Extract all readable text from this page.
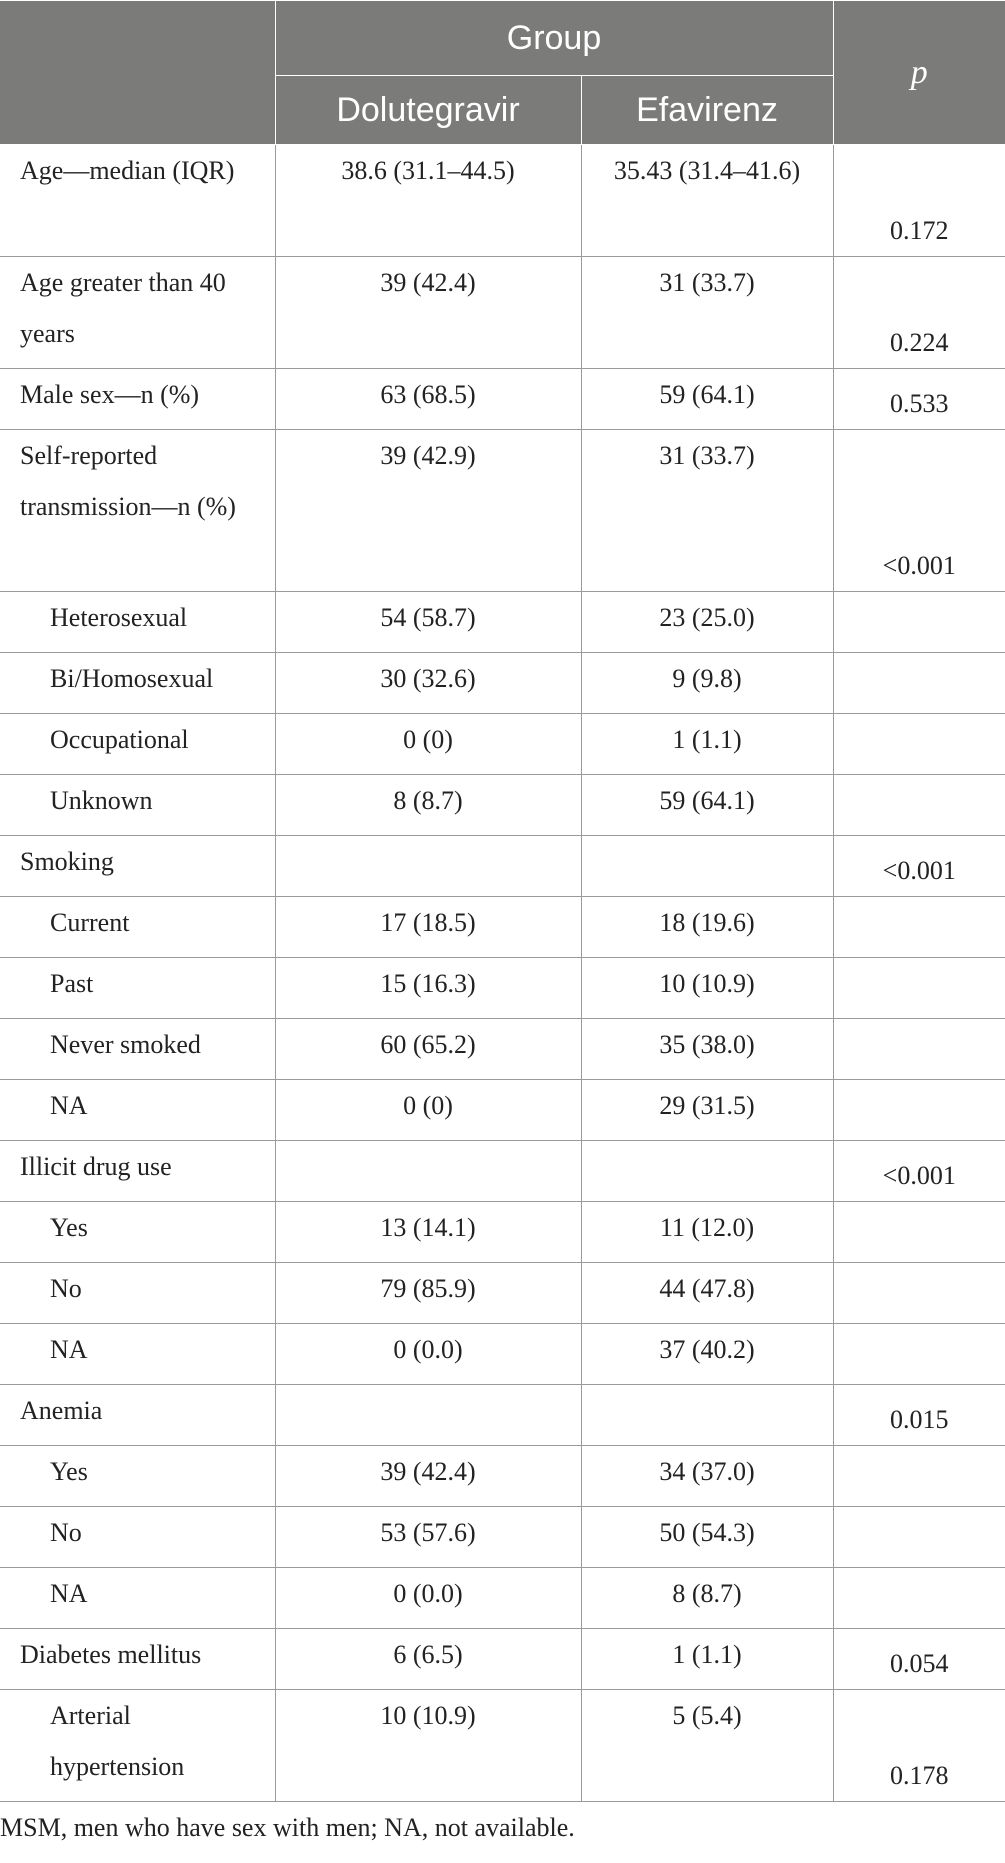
	Group		p
	Dolutegravir	Efavirenz	
Age—median (IQR)	38.6 (31.1–44.5)	35.43 (31.4–41.6)	0.172
Age greater than 40 years	39 (42.4)	31 (33.7)	0.224
Male sex—n (%)	63 (68.5)	59 (64.1)	0.533
Self-reported transmission—n (%)	39 (42.9)	31 (33.7)	<0.001
Heterosexual	54 (58.7)	23 (25.0)	
Bi/Homosexual	30 (32.6)	9 (9.8)	
Occupational	0 (0)	1 (1.1)	
Unknown	8 (8.7)	59 (64.1)	
Smoking			<0.001
Current	17 (18.5)	18 (19.6)	
Past	15 (16.3)	10 (10.9)	
Never smoked	60 (65.2)	35 (38.0)	
NA	0 (0)	29 (31.5)	
Illicit drug use			<0.001
Yes	13 (14.1)	11 (12.0)	
No	79 (85.9)	44 (47.8)	
NA	0 (0.0)	37 (40.2)	
Anemia			0.015
Yes	39 (42.4)	34 (37.0)	
No	53 (57.6)	50 (54.3)	
NA	0 (0.0)	8 (8.7)	
Diabetes mellitus	6 (6.5)	1 (1.1)	0.054
Arterial hypertension	10 (10.9)	5 (5.4)	0.178

MSM, men who have sex with men; NA, not available.
